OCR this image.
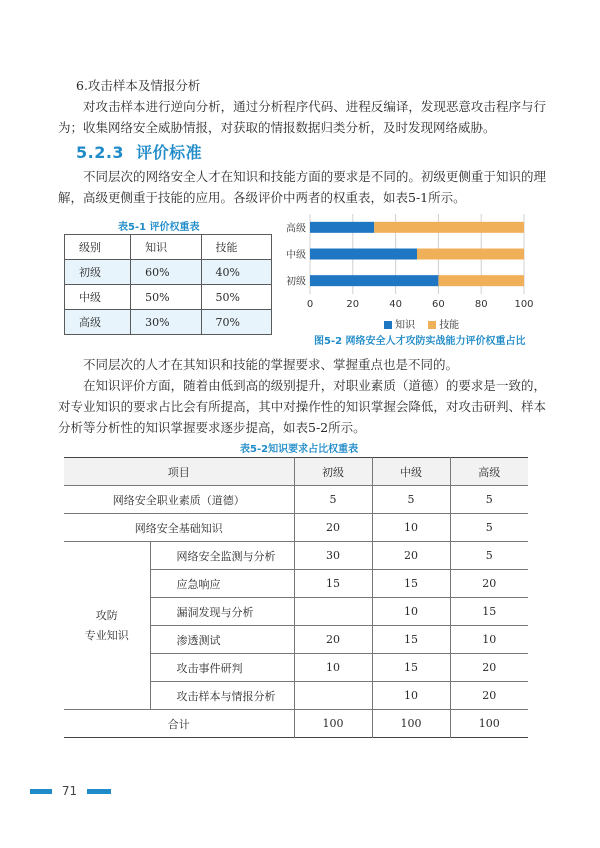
6.攻击样本及情报分析

对攻击样本进行逆向分析，通过分析程序代码、进程反编译，发现恶意攻击程序与行为；收集网络安全威胁情报，对获取的情报数据归类分析，及时发现网络威胁。

5.2.3 评价标准

不同层次的网络安全人才在知识和技能方面的要求是不同的。初级更侧重于知识的理解，高级更侧重于技能的应用。各级评价中两者的权重表，如表5-1所示。

表5-1 评价权重表
级别	知识	技能
初级	60%	40%
中级	50%	50%
高级	30%	70%
0	20	40	60	80	100
高级
中级
初级
知识 技能
图5-2 网络安全人才攻防实战能力评价权重占比

不同层次的人才在其知识和技能的掌握要求、掌握重点也是不同的。

在知识评价方面，随着由低到高的级别提升，对职业素质（道德）的要求是一致的，对专业知识的要求占比会有所提高，其中对操作性的知识掌握会降低，对攻击研判、样本分析等分析性的知识掌握要求逐步提高，如表5-2所示。

表5-2知识要求占比权重表
项目		初级	中级	高级
网络安全职业素质（道德）		5	5	5
网络安全基础知识		20	10	5

攻防
专业知识	网络安全监测与分析	30	20	5
	应急响应	15	15	20
	漏洞发现与分析		10	15
	渗透测试	20	15	10
	攻击事件研判	10	15	20
	攻击样本与情报分析		10	20
合计		100	100	100
71
